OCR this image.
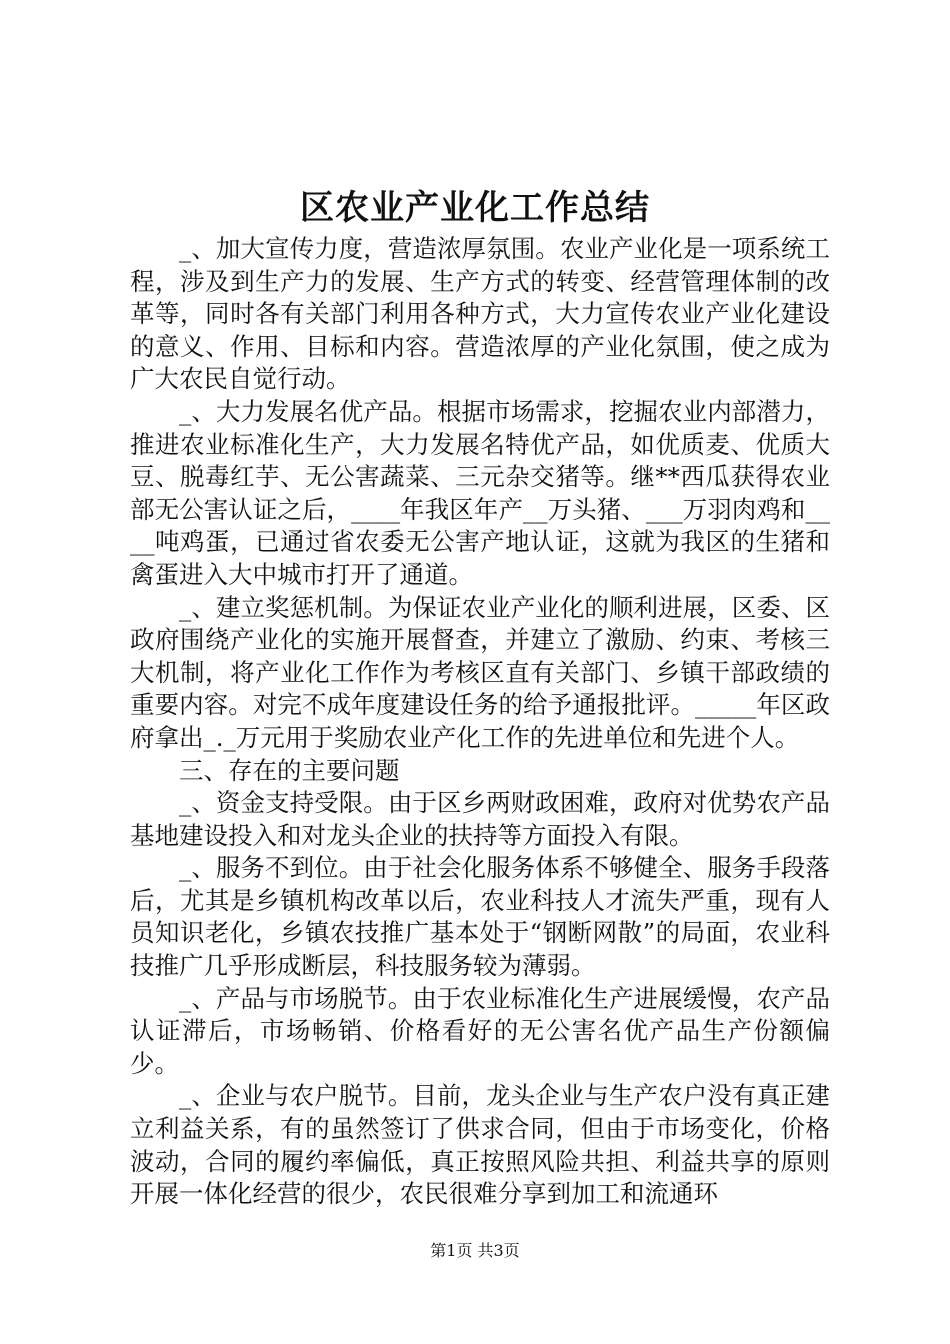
区农业产业化工作总结

_、加大宣传力度，营造浓厚氛围。农业产业化是一项系统工程，涉及到生产力的发展、生产方式的转变、经营管理体制的改革等，同时各有关部门利用各种方式，大力宣传农业产业化建设的意义、作用、目标和内容。营造浓厚的产业化氛围，使之成为广大农民自觉行动。

_、大力发展名优产品。根据市场需求，挖掘农业内部潜力，推进农业标准化生产，大力发展名特优产品，如优质麦、优质大豆、脱毒红芋、无公害蔬菜、三元杂交猪等。继**西瓜获得农业部无公害认证之后，____年我区年产__万头猪、___万羽肉鸡和____吨鸡蛋，已通过省农委无公害产地认证，这就为我区的生猪和禽蛋进入大中城市打开了通道。

_、建立奖惩机制。为保证农业产业化的顺利进展，区委、区政府围绕产业化的实施开展督查，并建立了激励、约束、考核三大机制，将产业化工作作为考核区直有关部门、乡镇干部政绩的重要内容。对完不成年度建设任务的给予通报批评。_____年区政府拿出_._万元用于奖励农业产化工作的先进单位和先进个人。

三、存在的主要问题

_、资金支持受限。由于区乡两财政困难，政府对优势农产品基地建设投入和对龙头企业的扶持等方面投入有限。

_、服务不到位。由于社会化服务体系不够健全、服务手段落后，尤其是乡镇机构改革以后，农业科技人才流失严重，现有人员知识老化，乡镇农技推广基本处于“钢断网散”的局面，农业科技推广几乎形成断层，科技服务较为薄弱。

_、产品与市场脱节。由于农业标准化生产进展缓慢，农产品认证滞后，市场畅销、价格看好的无公害名优产品生产份额偏少。

_、企业与农户脱节。目前，龙头企业与生产农户没有真正建立利益关系，有的虽然签订了供求合同，但由于市场变化，价格波动，合同的履约率偏低，真正按照风险共担、利益共享的原则开展一体化经营的很少，农民很难分享到加工和流通环

第1页 共3页
